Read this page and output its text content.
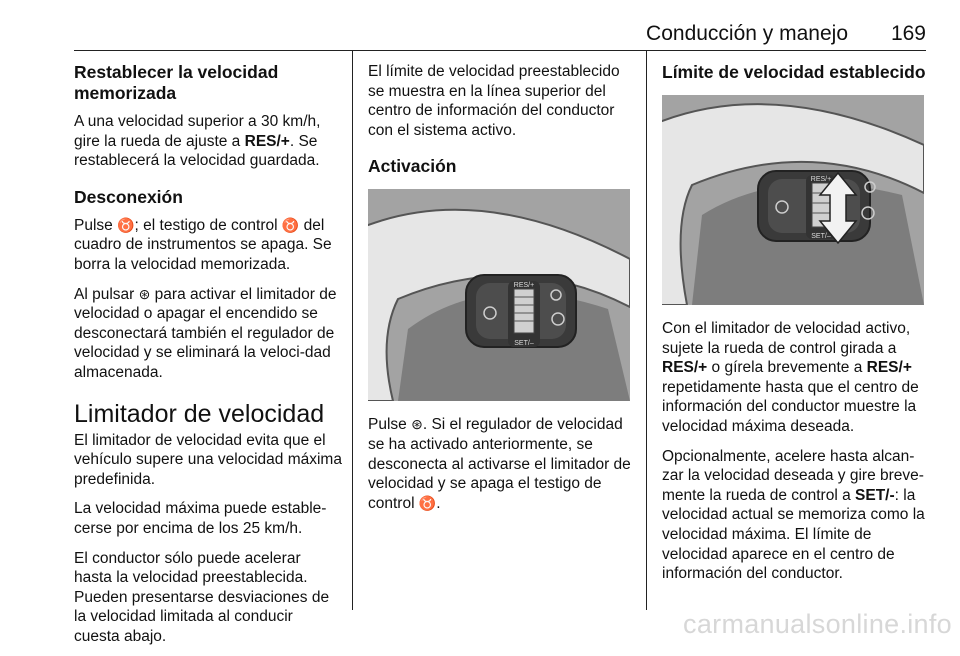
Conducción y manejo 169
Restablecer la velocidad memorizada

A una velocidad superior a 30 km/h, gire la rueda de ajuste a RES/+. Se restablecerá la velocidad guardada.

Desconexión

Pulse ♉; el testigo de control ♉ del cuadro de instrumentos se apaga. Se borra la velocidad memorizada.

Al pulsar ⊛ para activar el limitador de velocidad o apagar el encendido se desconectará también el regulador de velocidad y se eliminará la veloci‐dad almacenada.

Limitador de velocidad

El limitador de velocidad evita que el vehículo supere una velocidad máxima predefinida.

La velocidad máxima puede estable‐cerse por encima de los 25 km/h.

El conductor sólo puede acelerar hasta la velocidad preestablecida. Pueden presentarse desviaciones de la velocidad limitada al conducir cuesta abajo.

El límite de velocidad preestablecido se muestra en la línea superior del centro de información del conductor con el sistema activo.

Activación
RES/+
SET/–

Pulse ⊛. Si el regulador de velocidad se ha activado anteriormente, se desconecta al activarse el limitador de velocidad y se apaga el testigo de control ♉.

Límite de velocidad establecido
RES/+
SET/–

Con el limitador de velocidad activo, sujete la rueda de control girada a RES/+ o gírela brevemente a RES/+ repetidamente hasta que el centro de información del conductor muestre la velocidad máxima deseada.

Opcionalmente, acelere hasta alcan‐zar la velocidad deseada y gire breve‐mente la rueda de control a SET/-: la velocidad actual se memoriza como la velocidad máxima. El límite de velocidad aparece en el centro de información del conductor.

carmanualsonline.info
